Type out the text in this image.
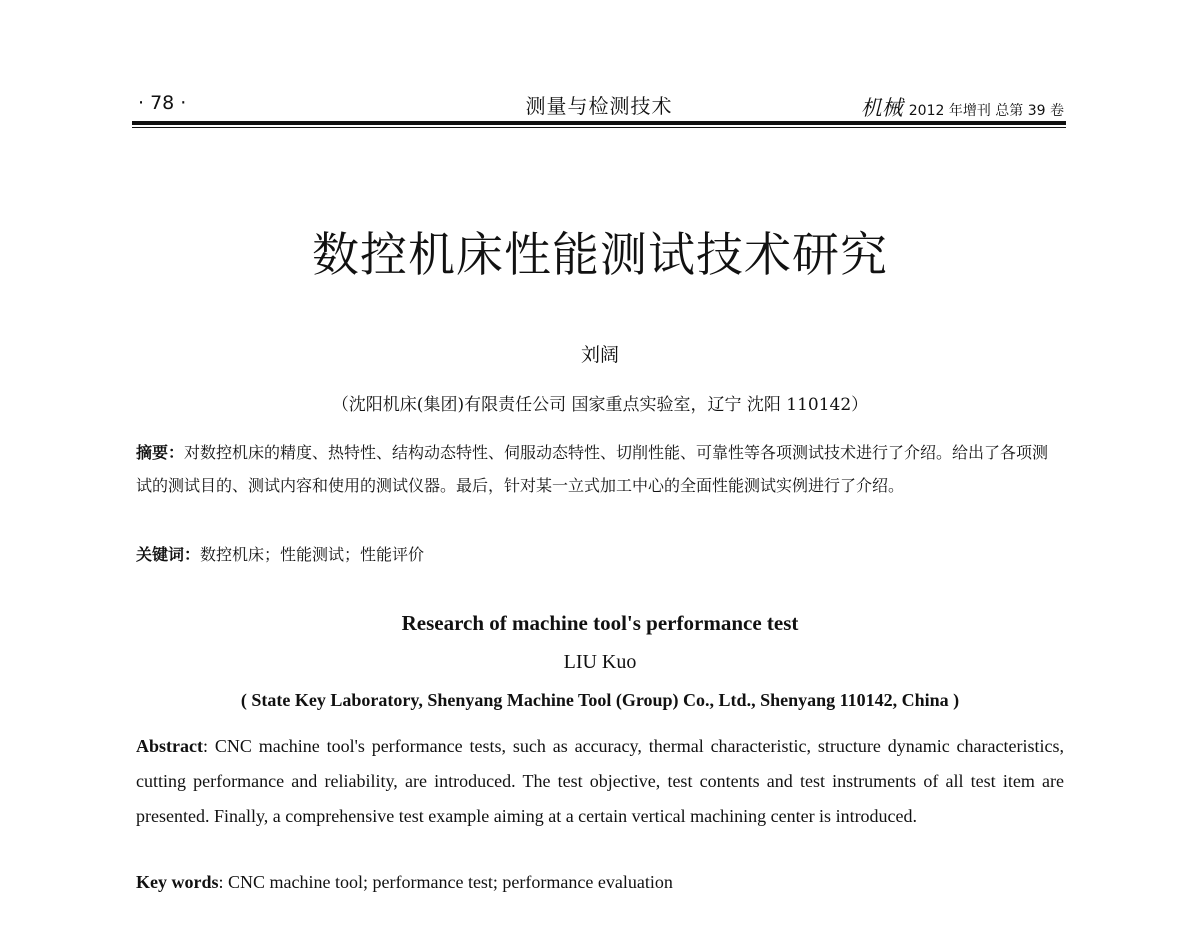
· 78 ·	测量与检测技术	机械 2012 年增刊 总第 39 卷
数控机床性能测试技术研究
刘阔
（沈阳机床(集团)有限责任公司 国家重点实验室，辽宁 沈阳 110142）
摘要：对数控机床的精度、热特性、结构动态特性、伺服动态特性、切削性能、可靠性等各项测试技术进行了介绍。给出了各项测试的测试目的、测试内容和使用的测试仪器。最后，针对某一立式加工中心的全面性能测试实例进行了介绍。
关键词：数控机床；性能测试；性能评价
Research of machine tool's performance test
LIU Kuo
( State Key Laboratory, Shenyang Machine Tool (Group) Co., Ltd., Shenyang 110142, China )
Abstract: CNC machine tool's performance tests, such as accuracy, thermal characteristic, structure dynamic characteristics, cutting performance and reliability, are introduced. The test objective, test contents and test instruments of all test item are presented. Finally, a comprehensive test example aiming at a certain vertical machining center is introduced.
Key words: CNC machine tool; performance test; performance evaluation
